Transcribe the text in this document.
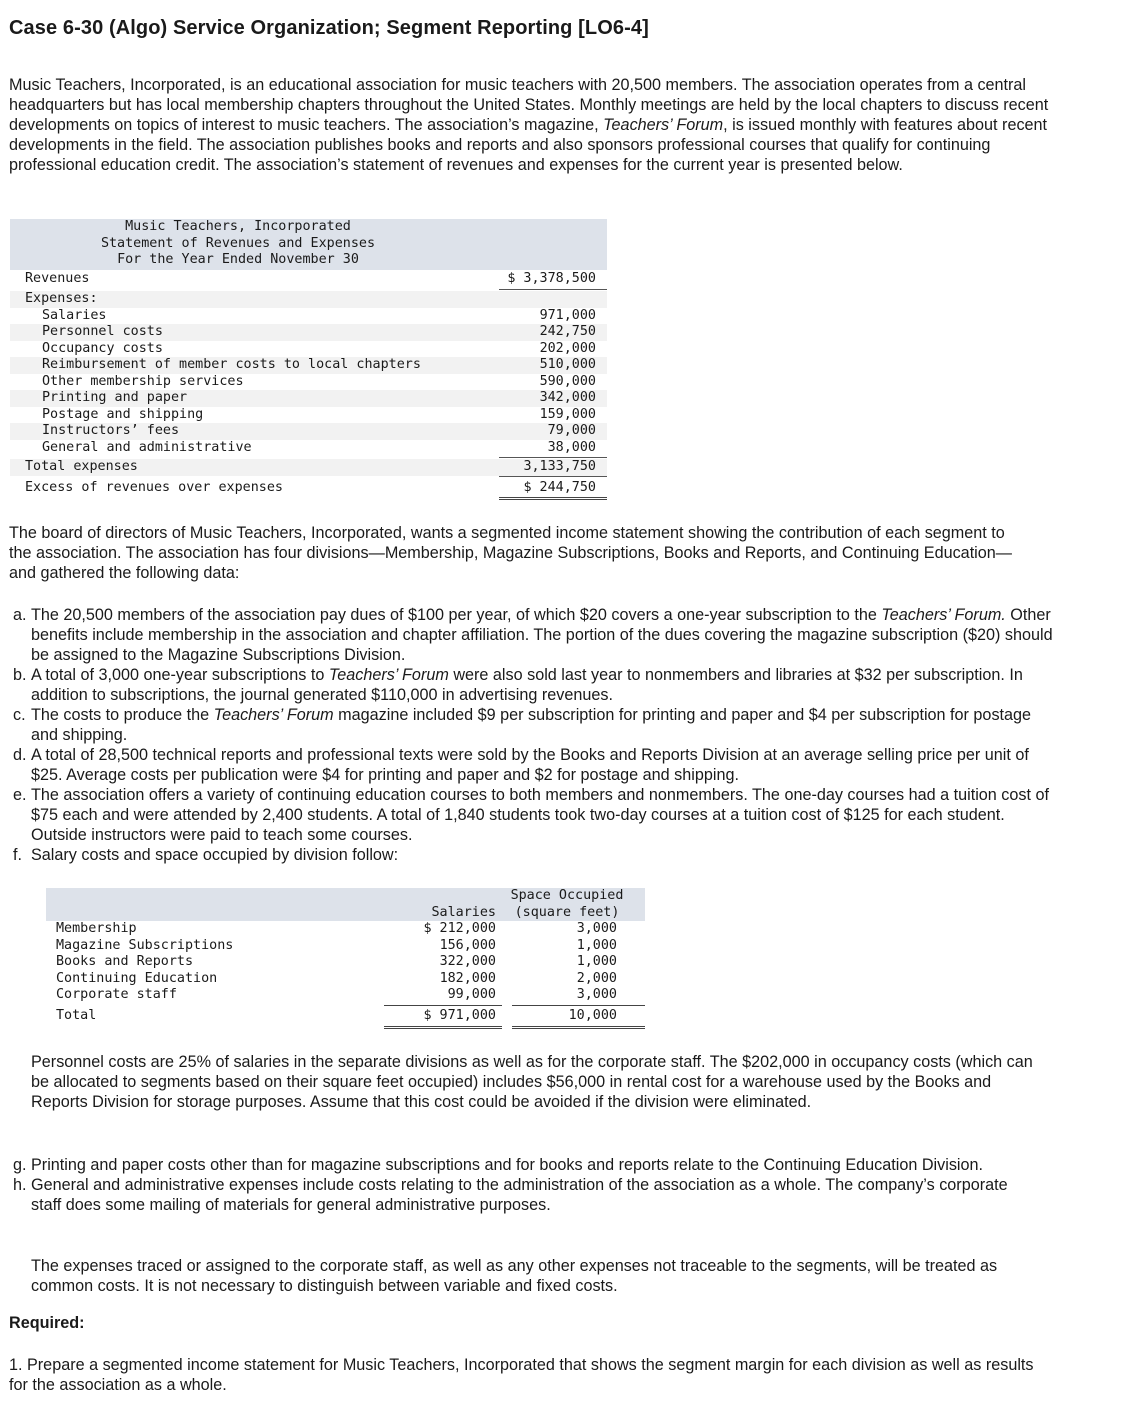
Case 6-30 (Algo) Service Organization; Segment Reporting [LO6-4]

Music Teachers, Incorporated, is an educational association for music teachers with 20,500 members. The association operates from a central headquarters but has local membership chapters throughout the United States. Monthly meetings are held by the local chapters to discuss recent developments on topics of interest to music teachers. The association’s magazine, Teachers’ Forum, is issued monthly with features about recent developments in the field. The association publishes books and reports and also sponsors professional courses that qualify for continuing professional education credit. The association’s statement of revenues and expenses for the current year is presented below.

Music Teachers, Incorporated
Statement of Revenues and Expenses
For the Year Ended November 30
Revenues	$ 3,378,500
Expenses:
Salaries	971,000
Personnel costs	242,750
Occupancy costs	202,000
Reimbursement of member costs to local chapters	510,000
Other membership services	590,000
Printing and paper	342,000
Postage and shipping	159,000
Instructors’ fees	79,000
General and administrative	38,000
Total expenses	3,133,750
Excess of revenues over expenses	$ 244,750

The board of directors of Music Teachers, Incorporated, wants a segmented income statement showing the contribution of each segment to the association. The association has four divisions—Membership, Magazine Subscriptions, Books and Reports, and Continuing Education—and gathered the following data:

a. The 20,500 members of the association pay dues of $100 per year, of which $20 covers a one-year subscription to the Teachers’ Forum. Other benefits include membership in the association and chapter affiliation. The portion of the dues covering the magazine subscription ($20) should be assigned to the Magazine Subscriptions Division.
b. A total of 3,000 one-year subscriptions to Teachers’ Forum were also sold last year to nonmembers and libraries at $32 per subscription. In addition to subscriptions, the journal generated $110,000 in advertising revenues.
c. The costs to produce the Teachers’ Forum magazine included $9 per subscription for printing and paper and $4 per subscription for postage and shipping.
d. A total of 28,500 technical reports and professional texts were sold by the Books and Reports Division at an average selling price per unit of $25. Average costs per publication were $4 for printing and paper and $2 for postage and shipping.
e. The association offers a variety of continuing education courses to both members and nonmembers. The one-day courses had a tuition cost of $75 each and were attended by 2,400 students. A total of 1,840 students took two-day courses at a tuition cost of $125 for each student. Outside instructors were paid to teach some courses.
f. Salary costs and space occupied by division follow:
Salaries
Space Occupied
(square feet)
Membership	$ 212,000	3,000
Magazine Subscriptions	156,000	1,000
Books and Reports	322,000	1,000
Continuing Education	182,000	2,000
Corporate staff	99,000	3,000
Total	$ 971,000	10,000

Personnel costs are 25% of salaries in the separate divisions as well as for the corporate staff. The $202,000 in occupancy costs (which can be allocated to segments based on their square feet occupied) includes $56,000 in rental cost for a warehouse used by the Books and Reports Division for storage purposes. Assume that this cost could be avoided if the division were eliminated.

g. Printing and paper costs other than for magazine subscriptions and for books and reports relate to the Continuing Education Division.
h. General and administrative expenses include costs relating to the administration of the association as a whole. The company’s corporate staff does some mailing of materials for general administrative purposes.

The expenses traced or assigned to the corporate staff, as well as any other expenses not traceable to the segments, will be treated as common costs. It is not necessary to distinguish between variable and fixed costs.

Required:

1. Prepare a segmented income statement for Music Teachers, Incorporated that shows the segment margin for each division as well as results for the association as a whole.
